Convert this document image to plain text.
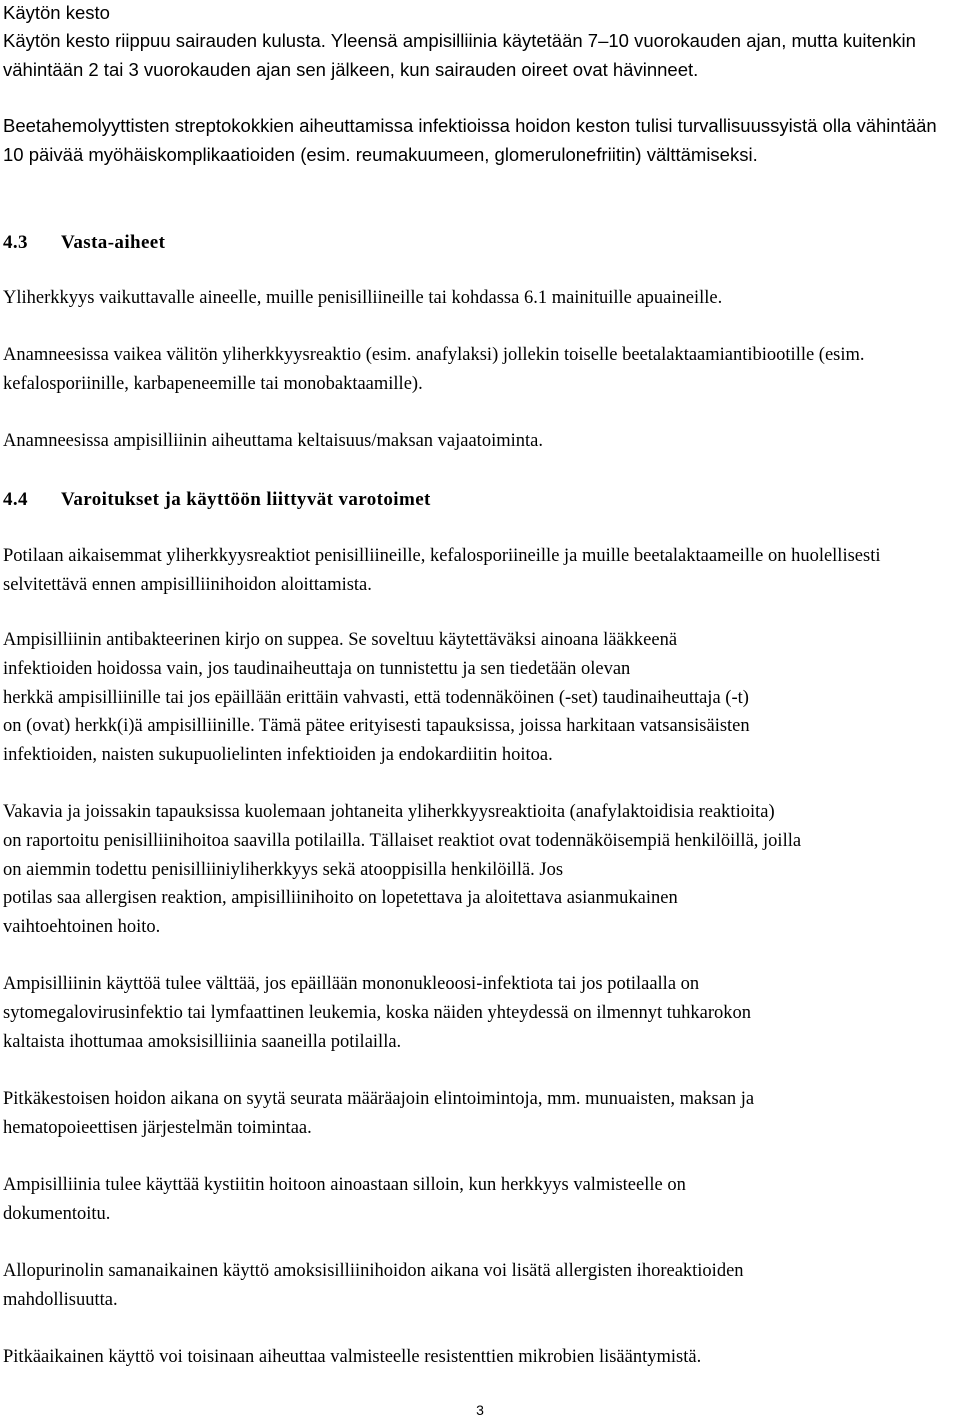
Käytön kesto

Käytön kesto riippuu sairauden kulusta. Yleensä ampisilliinia käytetään 7–10 vuorokauden ajan, mutta kuitenkin vähintään 2 tai 3 vuorokauden ajan sen jälkeen, kun sairauden oireet ovat hävinneet.

Beetahemolyyttisten streptokokkien aiheuttamissa infektioissa hoidon keston tulisi turvallisuussyistä olla vähintään 10 päivää myöhäiskomplikaatioiden (esim. reumakuumeen, glomerulonefriitin) välttämiseksi.

4.3 Vasta-aiheet

Yliherkkyys vaikuttavalle aineelle, muille penisilliineille tai kohdassa 6.1 mainituille apuaineille.

Anamneesissa vaikea välitön yliherkkyysreaktio (esim. anafylaksi) jollekin toiselle beetalaktaamiantibiootille (esim. kefalosporiinille, karbapeneemille tai monobaktaamille).

Anamneesissa ampisilliinin aiheuttama keltaisuus/maksan vajaatoiminta.

4.4 Varoitukset ja käyttöön liittyvät varotoimet

Potilaan aikaisemmat yliherkkyysreaktiot penisilliineille, kefalosporiineille ja muille beetalaktaameille on huolellisesti selvitettävä ennen ampisilliinihoidon aloittamista.

Ampisilliinin antibakteerinen kirjo on suppea. Se soveltuu käytettäväksi ainoana lääkkeenä
infektioiden hoidossa vain, jos taudinaiheuttaja on tunnistettu ja sen tiedetään olevan
herkkä ampisilliinille tai jos epäillään erittäin vahvasti, että todennäköinen (-set) taudinaiheuttaja (-t)
on (ovat) herkk(i)ä ampisilliinille. Tämä pätee erityisesti tapauksissa, joissa harkitaan vatsansisäisten
infektioiden, naisten sukupuolielinten infektioiden ja endokardiitin hoitoa.
Vakavia ja joissakin tapauksissa kuolemaan johtaneita yliherkkyysreaktioita (anafylaktoidisia reaktioita)
on raportoitu penisilliinihoitoa saavilla potilailla. Tällaiset reaktiot ovat todennäköisempiä henkilöillä, joilla
on aiemmin todettu penisilliiniyliherkkyys sekä atooppisilla henkilöillä. Jos
potilas saa allergisen reaktion, ampisilliinihoito on lopetettava ja aloitettava asianmukainen
vaihtoehtoinen hoito.
Ampisilliinin käyttöä tulee välttää, jos epäillään mononukleoosi-infektiota tai jos potilaalla on
sytomegalovirusinfektio tai lymfaattinen leukemia, koska näiden yhteydessä on ilmennyt tuhkarokon
kaltaista ihottumaa amoksisilliinia saaneilla potilailla.
Pitkäkestoisen hoidon aikana on syytä seurata määräajoin elintoimintoja, mm. munuaisten, maksan ja
hematopoieettisen järjestelmän toimintaa.
Ampisilliinia tulee käyttää kystiitin hoitoon ainoastaan silloin, kun herkkyys valmisteelle on
dokumentoitu.
Allopurinolin samanaikainen käyttö amoksisilliinihoidon aikana voi lisätä allergisten ihoreaktioiden
mahdollisuutta.

Pitkäaikainen käyttö voi toisinaan aiheuttaa valmisteelle resistenttien mikrobien lisääntymistä.

3
